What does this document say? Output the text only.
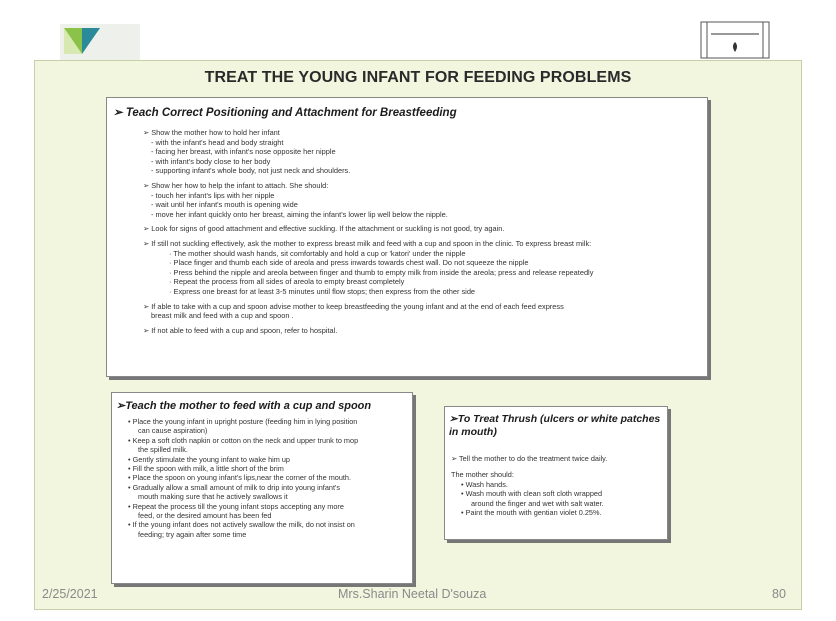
TREAT THE YOUNG INFANT FOR FEEDING PROBLEMS
➢ Teach Correct Positioning and Attachment for Breastfeeding
➢ Show the mother how to hold her infant
- with the infant's head and body straight
- facing her breast, with infant's nose opposite her nipple
- with infant's body close to her body
- supporting infant's whole body, not just neck and shoulders.
➢ Show her how to help the infant to attach. She should:
- touch her infant's lips with her nipple
- wait until her infant's mouth is opening wide
- move her infant quickly onto her breast, aiming the infant's lower lip well below the nipple.
➢ Look for signs of good attachment and effective suckling. If the attachment or suckling is not good, try again.
➢ If still not suckling effectively, ask the mother to express breast milk and feed with a cup and spoon in the clinic. To express breast milk:
· The mother should wash hands, sit comfortably and hold a cup or 'katori' under the nipple
· Place finger and thumb each side of areola and press inwards towards chest wall. Do not squeeze the nipple
· Press behind the nipple and areola between finger and thumb to empty milk from inside the areola; press and release repeatedly
· Repeat the process from all sides of areola to empty breast completely
· Express one breast for at least 3-5 minutes until flow stops; then express from the other side
➢ If able to take with a cup and spoon advise mother to keep breastfeeding the young infant and at the end of each feed express
breast milk and feed with a cup and spoon .
➢ If not able to feed with a cup and spoon, refer to hospital.
➢Teach the mother to feed with a cup and spoon
• Place the young infant in upright posture (feeding him in lying position
can cause aspiration)
• Keep a soft cloth napkin or cotton on the neck and upper trunk to mop
the spilled milk.
• Gently stimulate the young infant to wake him up
• Fill the spoon with milk, a little short of the brim
• Place the spoon on young infant's lips,near the corner of the mouth.
• Gradually allow a small amount of milk to drip into young infant's
mouth making sure that he actively swallows it
• Repeat the process till the young infant stops accepting any more
feed, or the desired amount has been fed
• If the young infant does not actively swallow the milk, do not insist on
feeding; try again after some time
➢To Treat Thrush (ulcers or white patches in mouth)
➢ Tell the mother to do the treatment twice daily.
The mother should:
• Wash hands.
• Wash mouth with clean soft cloth wrapped
around the finger and wet with salt water.
• Paint the mouth with gentian violet 0.25%.
2/25/2021	Mrs.Sharin Neetal D'souza	80
